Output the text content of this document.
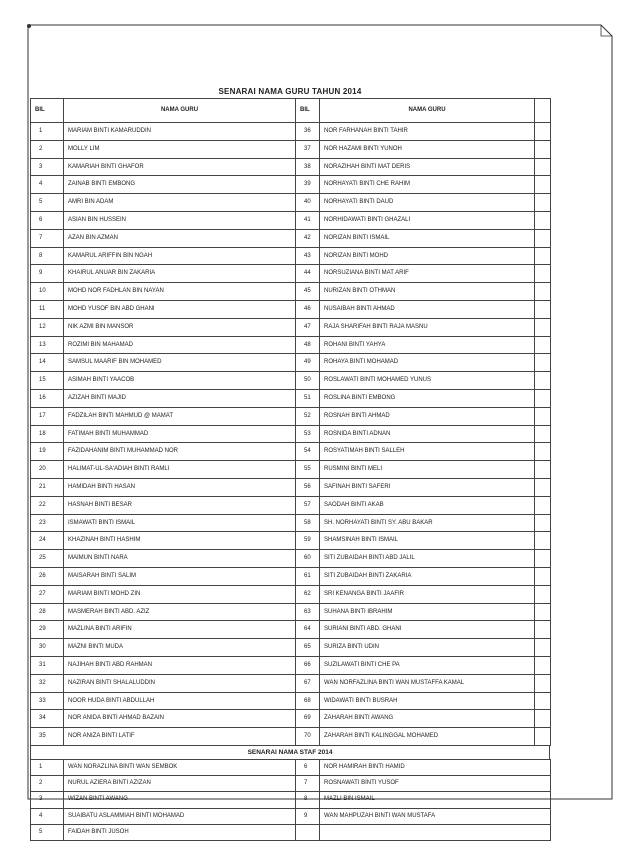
SENARAI NAMA GURU TAHUN 2014
BIL	NAMA GURU	BIL	NAMA GURU	
1	MARIAM BINTI KAMARUDDIN	36	NOR FARHANAH BINTI TAHIR	
2	MOLLY LIM	37	NOR HAZAMI BINTI YUNOH	
3	KAMARIAH BINTI GHAFOR	38	NORAZIHAH BINTI MAT DERIS	
4	ZAINAB BINTI EMBONG	39	NORHAYATI BINTI CHE RAHIM	
5	AMRI BIN ADAM	40	NORHAYATI BINTI DAUD	
6	ASIAN BIN HUSSEIN	41	NORHIDAWATI BINTI GHAZALI	
7	AZAN BIN AZMAN	42	NORIZAN BINTI ISMAIL	
8	KAMARUL ARIFFIN BIN NGAH	43	NORIZAN BINTI MOHD	
9	KHAIRUL ANUAR BIN ZAKARIA	44	NORSUZIANA BINTI MAT ARIF	
10	MOHD NOR FADHLAN BIN NAYAN	45	NURIZAN BINTI OTHMAN	
11	MOHD YUSOF BIN ABD GHANI	46	NUSAIBAH BINTI AHMAD	
12	NIK AZMI BIN MANSOR	47	RAJA SHARIFAH BINTI RAJA MASNU	
13	ROZIMI BIN MAHAMAD	48	ROHANI BINTI YAHYA	
14	SAMSUL MAARIF BIN MOHAMED	49	ROHAYA BINTI MOHAMAD	
15	ASIMAH BINTI YAACOB	50	ROSLAWATI BINTI MOHAMED YUNUS	
16	AZIZAH BINTI MAJID	51	ROSLINA BINTI EMBONG	
17	FADZILAH BINTI MAHMUD @ MAMAT	52	ROSNAH BINTI AHMAD	
18	FATIMAH BINTI MUHAMMAD	53	ROSNIDA BINTI ADNAN	
19	FAZIDAHANIM BINTI MUHAMMAD NOR	54	ROSYATIMAH BINTI SALLEH	
20	HALIMAT-UL-SA'ADIAH BINTI RAMLI	55	RUSMINI BINTI MELI	
21	HAMIDAH BINTI HASAN	56	SAFINAH BINTI SAFERI	
22	HASNAH BINTI BESAR	57	SAODAH BINTI AKAB	
23	ISMAWATI BINTI ISMAIL	58	SH. NORHAYATI BINTI SY. ABU BAKAR	
24	KHAZINAH BINTI HASHIM	59	SHAMSINAH BINTI ISMAIL	
25	MAIMUN BINTI NARA	60	SITI ZUBAIDAH BINTI ABD JALIL	
26	MAISARAH BINTI SALIM	61	SITI ZUBAIDAH BINTI ZAKARIA	
27	MARIAM BINTI MOHD ZIN	62	SRI KENANGA BINTI JAAFIR	
28	MASMERAH BINTI ABD. AZIZ	63	SUHANA BINTI IBRAHIM	
29	MAZLINA BINTI ARIFIN	64	SURIANI BINTI ABD. GHANI	
30	MAZNI BINTI MUDA	65	SURIZA BINTI UDIN	
31	NAJIHAH BINTI ABD RAHMAN	66	SUZILAWATI BINTI CHE PA	
32	NAZIRAN BINTI SHALALUDDIN	67	WAN NORFAZLINA BINTI WAN MUSTAFFA KAMAL	
33	NOOR HUDA BINTI ABDULLAH	68	WIDAWATI BINTI BUSRAH	
34	NOR ANIDA BINTI AHMAD BAZAIN	69	ZAHARAH BINTI AWANG	
35	NOR ANIZA BINTI LATIF	70	ZAHARAH BINTI KALINGGAL MOHAMED	
SENARAI NAMA STAF 2014
1	WAN NORAZLINA BINTI WAN SEMBOK	6	NOR HAMIRAH BINTI HAMID
2	NURUL AZIERA BINTI AZIZAN	7	ROSNAWATI BINTI YUSOF
3	WIZAN BINTI AWANG	8	MAZLI BIN ISMAIL
4	SUAIBATU ASLAMMIAH BINTI MOHAMAD	9	WAN MAHPUZAH BINTI WAN MUSTAFA
5	FAIDAH BINTI JUSOH		
